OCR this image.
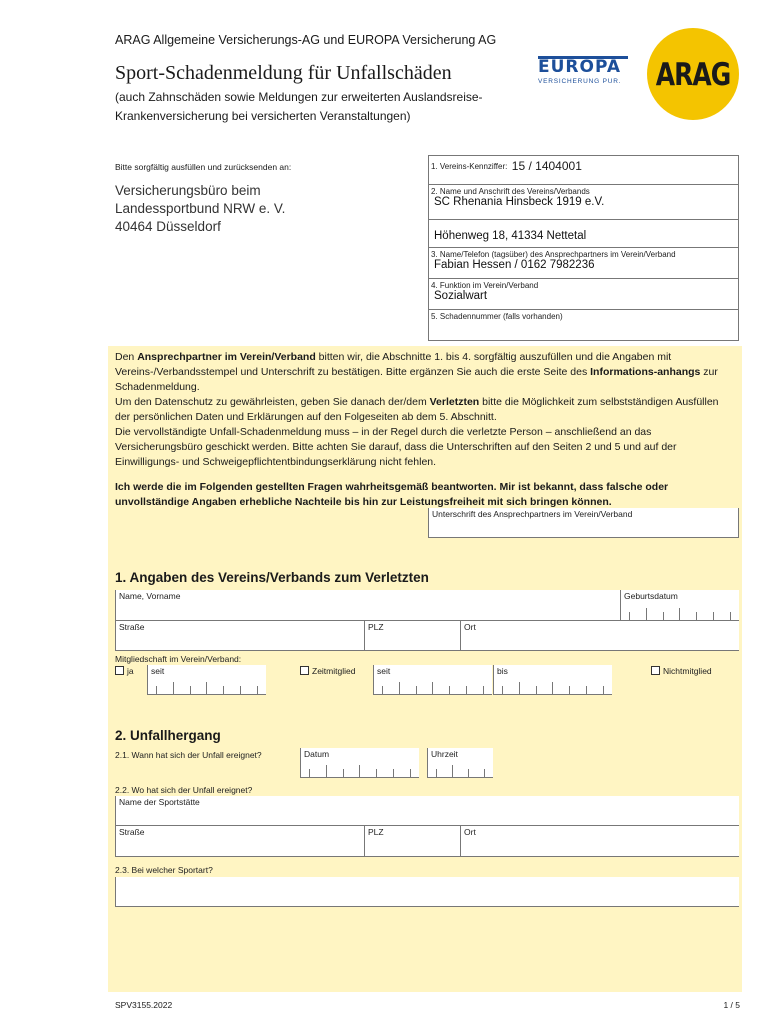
ARAG Allgemeine Versicherungs-AG und EUROPA Versicherung AG
Sport-Schadenmeldung für Unfallschäden
(auch Zahnschäden sowie Meldungen zur erweiterten Auslandsreise-Krankenversicherung bei versicherten Veranstaltungen)
EUROPA
VERSICHERUNG PUR. ARAG
Bitte sorgfältig ausfüllen und zurücksenden an:
Versicherungsbüro beim
Landessportbund NRW e. V.
40464 Düsseldorf
1. Vereins-Kennziffer: 15 / 1404001
2. Name und Anschrift des Vereins/Verbands
SC Rhenania Hinsbeck 1919 e.V.
Höhenweg 18, 41334 Nettetal
3. Name/Telefon (tagsüber) des Ansprechpartners im Verein/Verband
Fabian Hessen / 0162 7982236
4. Funktion im Verein/Verband
Sozialwart
5. Schadennummer (falls vorhanden)

Den Ansprechpartner im Verein/Verband bitten wir, die Abschnitte 1. bis 4. sorgfältig auszufüllen und die Angaben mit Vereins-/Verbandsstempel und Unterschrift zu bestätigen. Bitte ergänzen Sie auch die erste Seite des Informations-anhangs zur Schadenmeldung.

Um den Datenschutz zu gewährleisten, geben Sie danach der/dem Verletzten bitte die Möglichkeit zum selbstständigen Ausfüllen der persönlichen Daten und Erklärungen auf den Folgeseiten ab dem 5. Abschnitt.

Die vervollständigte Unfall-Schadenmeldung muss – in der Regel durch die verletzte Person – anschließend an das Versicherungsbüro geschickt werden. Bitte achten Sie darauf, dass die Unterschriften auf den Seiten 2 und 5 und auf der Einwilligungs- und Schweigepflichtentbindungserklärung nicht fehlen.

Ich werde die im Folgenden gestellten Fragen wahrheitsgemäß beantworten. Mir ist bekannt, dass falsche oder unvollständige Angaben erhebliche Nachteile bis hin zur Leistungsfreiheit mit sich bringen können.

Unterschrift des Ansprechpartners im Verein/Verband
1. Angaben des Vereins/Verbands zum Verletzten
Name, Vorname	Geburtsdatum
Straße	PLZ	Ort
Mitgliedschaft im Verein/Verband:
ja seit	Zeitmitglied	seit	bis	Nichtmitglied
2. Unfallhergang
2.1. Wann hat sich der Unfall ereignet?	Datum	Uhrzeit
2.2. Wo hat sich der Unfall ereignet?
Name der Sportstätte
Straße	PLZ	Ort
2.3. Bei welcher Sportart?
SPV3155.2022	1 / 5
